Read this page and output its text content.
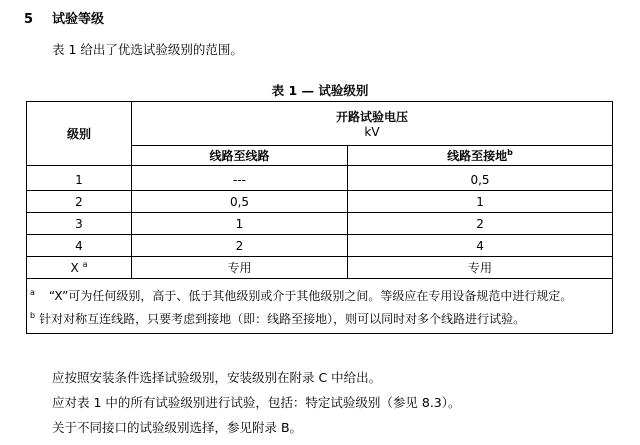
5 试验等级
表 1 给出了优选试验级别的范围。
表 1 — 试验级别
级别	开路试验电压
kV	

	线路至线路	线路至接地$^b$
1	---	0,5
2	0,5	1
3	1	2
4	2	4
X $^a$	专用	专用

$^a$ “X”可为任何级别，高于、低于其他级别或介于其他级别之间。等级应在专用设备规范中进行规定。
$^b$ 针对对称互连线路，只要考虑到接地（即：线路至接地），则可以同时对多个线路进行试验。		
应按照安装条件选择试验级别，安装级别在附录 C 中给出。
应对表 1 中的所有试验级别进行试验，包括：特定试验级别（参见 8.3）。
关于不同接口的试验级别选择，参见附录 B。
